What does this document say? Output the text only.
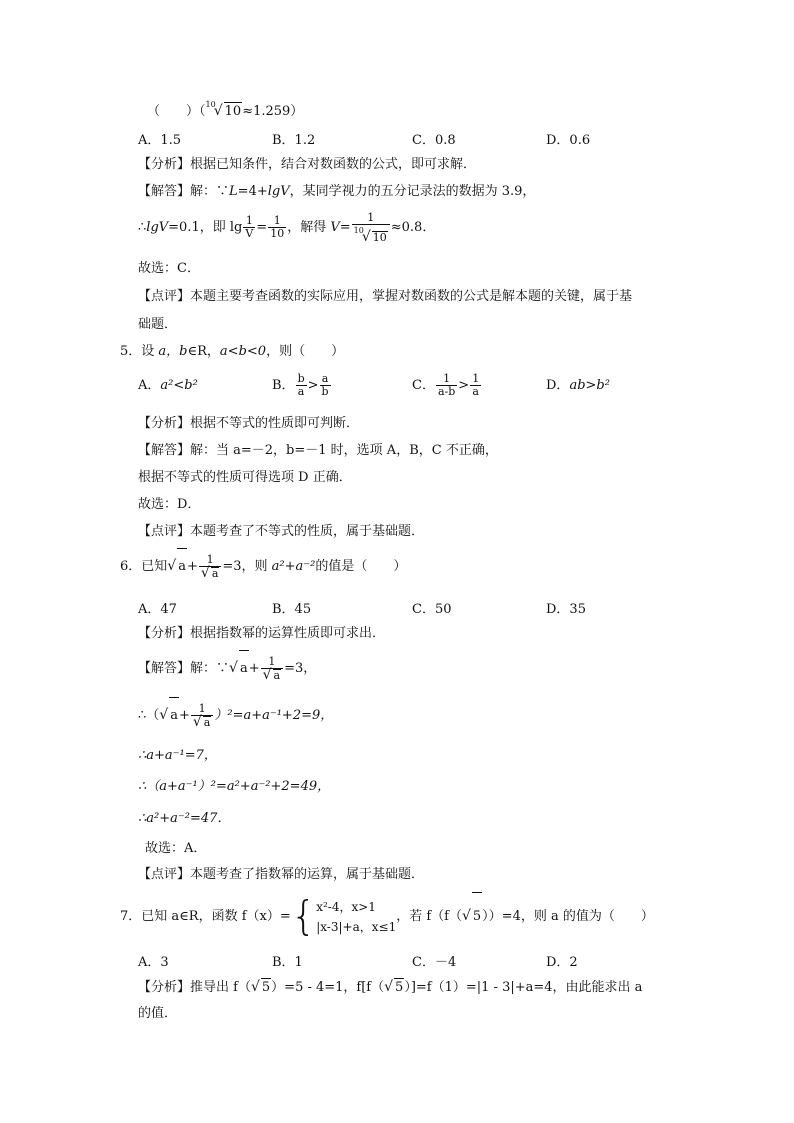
（　　）（$^{10}$√ 10≈1.259）
A．1.5	B．1.2	C．0.8	D．0.6
【分析】根据已知条件，结合对数函数的公式，即可求解．
【解答】解：∵L=4+lgV，某同学视力的五分记录法的数据为 3.9，
∴lgV=0.1，即 $\lg \frac{1}{V} = \frac{1}{10}$ ，解得 $V= \frac{1}{^{10}√ 10} \approx 0.8$．
故选：C．
【点评】本题主要考查函数的实际应用，掌握对数函数的公式是解本题的关键，属于基
础题．
5．设 a，b∈R，a<b<0，则（　　）
A．a²<b²	B． $\frac{b}{a} > \frac{a}{b}$	C． $\frac{1}{a-b} > \frac{1}{a}$	D．ab>b²
【分析】根据不等式的性质即可判断．
【解答】解：当 a=－2，b=－1 时，选项 A，B，C 不正确，
根据不等式的性质可得选项 D 正确．
故选：D．
【点评】本题考查了不等式的性质，属于基础题．
6．已知√ $a+ \frac{1}{√ a} =3$，则 a²+a⁻²的值是（　　）
A．47	B．45	C．50	D．35
【分析】根据指数幂的运算性质即可求出．
【解答】解：∵√ $a+ \frac{1}{√ a} =3$，
∴（√ $a+ \frac{1}{√ a} )^2=a+a^{-1}+2=9$，
∴a+a⁻¹=7，
∴（a+a⁻¹）²=a²+a⁻²+2=49，
∴a²+a⁻²=47．
故选：A．
【点评】本题考查了指数幂的运算，属于基础题．
7．已知 a∈R，函数 f（x）={x²-4，x>1
|x-3|+a，x≤1，若 f（f（√ 5））=4，则 a 的值为（　　）
A．3	B．1	C．－4	D．2
【分析】推导出 f（√ 5）=5 - 4=1，f[f（√ 5）]=f（1）=|1 - 3|+a=4，由此能求出 a
的值．
